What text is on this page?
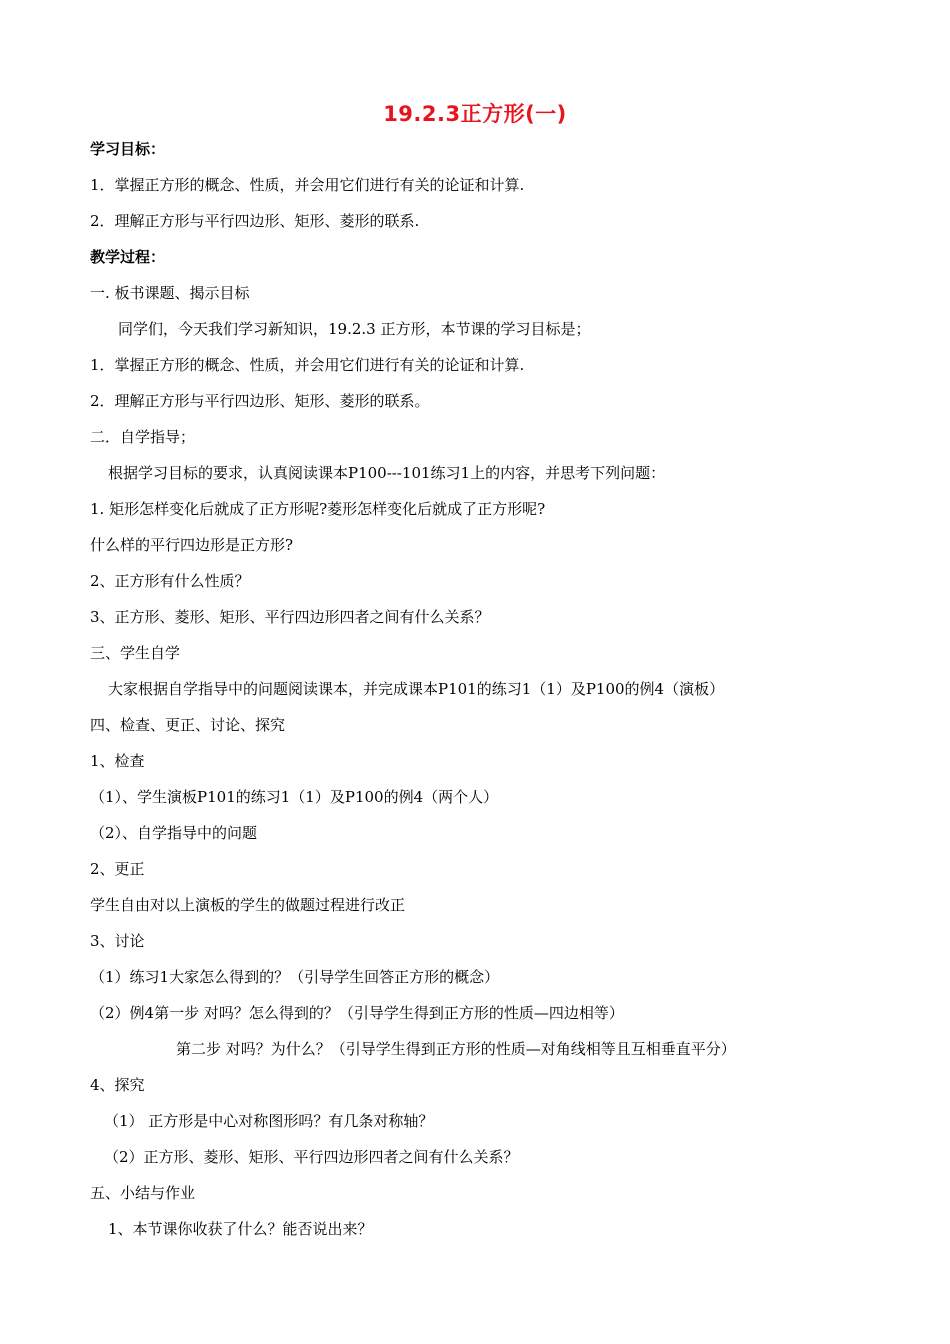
19.2.3正方形(一)
学习目标：
1．掌握正方形的概念、性质，并会用它们进行有关的论证和计算.
2．理解正方形与平行四边形、矩形、菱形的联系.
教学过程：
一. 板书课题、揭示目标
同学们，今天我们学习新知识，19.2.3 正方形，本节课的学习目标是；
1．掌握正方形的概念、性质，并会用它们进行有关的论证和计算.
2．理解正方形与平行四边形、矩形、菱形的联系。
二．自学指导；
根据学习目标的要求，认真阅读课本P100---101练习1上的内容，并思考下列问题：
1. 矩形怎样变化后就成了正方形呢?菱形怎样变化后就成了正方形呢?
什么样的平行四边形是正方形?
2、正方形有什么性质？
3、正方形、菱形、矩形、平行四边形四者之间有什么关系？
三、学生自学
大家根据自学指导中的问题阅读课本，并完成课本P101的练习1（1）及P100的例4（演板）
四、检查、更正、讨论、探究
1、检查
（1）、学生演板P101的练习1（1）及P100的例4（两个人）
（2）、自学指导中的问题
2、更正
学生自由对以上演板的学生的做题过程进行改正
3、讨论
（1）练习1大家怎么得到的？（引导学生回答正方形的概念）
（2）例4第一步 对吗？怎么得到的？（引导学生得到正方形的性质—四边相等）
第二步 对吗？为什么？（引导学生得到正方形的性质—对角线相等且互相垂直平分）
4、探究
（1） 正方形是中心对称图形吗？有几条对称轴？
（2）正方形、菱形、矩形、平行四边形四者之间有什么关系？
五、小结与作业
1、本节课你收获了什么？能否说出来？
